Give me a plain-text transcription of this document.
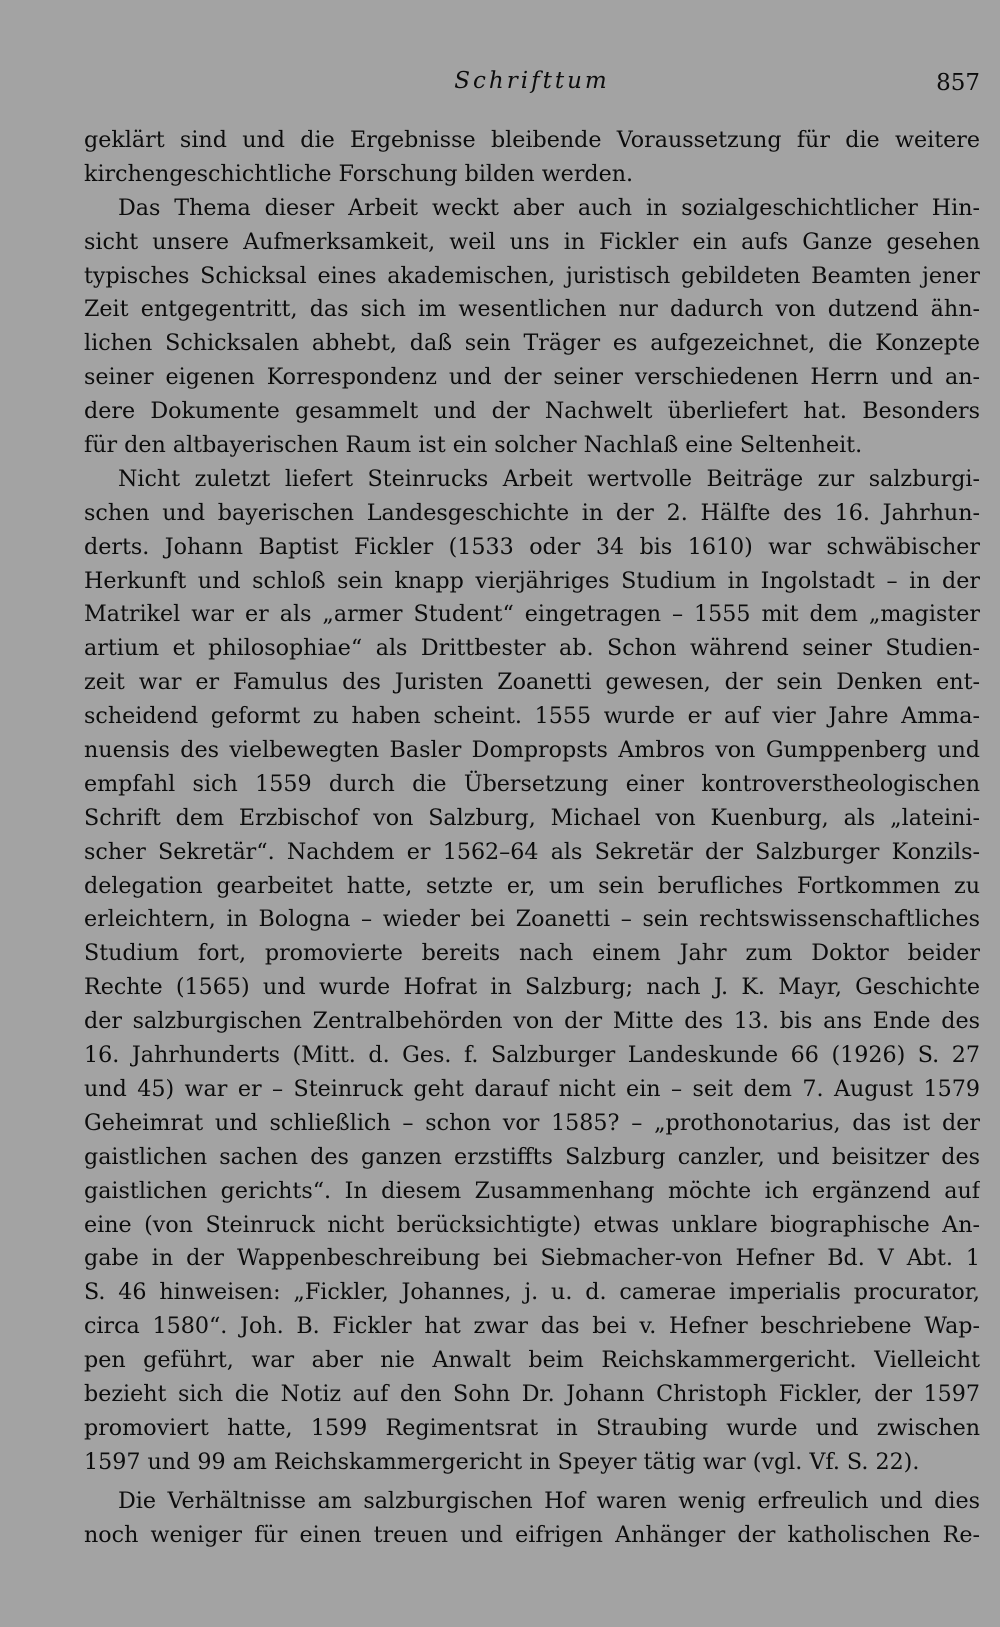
Schrifttum	857
geklärt sind und die Ergebnisse bleibende Voraussetzung für die weitere
kirchengeschichtliche Forschung bilden werden.
Das Thema dieser Arbeit weckt aber auch in sozialgeschichtlicher Hin-
sicht unsere Aufmerksamkeit, weil uns in Fickler ein aufs Ganze gesehen
typisches Schicksal eines akademischen, juristisch gebildeten Beamten jener
Zeit entgegentritt, das sich im wesentlichen nur dadurch von dutzend ähn-
lichen Schicksalen abhebt, daß sein Träger es aufgezeichnet, die Konzepte
seiner eigenen Korrespondenz und der seiner verschiedenen Herrn und an-
dere Dokumente gesammelt und der Nachwelt überliefert hat. Besonders
für den altbayerischen Raum ist ein solcher Nachlaß eine Seltenheit.
Nicht zuletzt liefert Steinrucks Arbeit wertvolle Beiträge zur salzburgi-
schen und bayerischen Landesgeschichte in der 2. Hälfte des 16. Jahrhun-
derts. Johann Baptist Fickler (1533 oder 34 bis 1610) war schwäbischer
Herkunft und schloß sein knapp vierjähriges Studium in Ingolstadt – in der
Matrikel war er als „armer Student“ eingetragen – 1555 mit dem „magister
artium et philosophiae“ als Drittbester ab. Schon während seiner Studien-
zeit war er Famulus des Juristen Zoanetti gewesen, der sein Denken ent-
scheidend geformt zu haben scheint. 1555 wurde er auf vier Jahre Amma-
nuensis des vielbewegten Basler Dompropsts Ambros von Gumppenberg und
empfahl sich 1559 durch die Übersetzung einer kontroverstheologischen
Schrift dem Erzbischof von Salzburg, Michael von Kuenburg, als „lateini-
scher Sekretär“. Nachdem er 1562–64 als Sekretär der Salzburger Konzils-
delegation gearbeitet hatte, setzte er, um sein berufliches Fortkommen zu
erleichtern, in Bologna – wieder bei Zoanetti – sein rechtswissenschaftliches
Studium fort, promovierte bereits nach einem Jahr zum Doktor beider
Rechte (1565) und wurde Hofrat in Salzburg; nach J. K. Mayr, Geschichte
der salzburgischen Zentralbehörden von der Mitte des 13. bis ans Ende des
16. Jahrhunderts (Mitt. d. Ges. f. Salzburger Landeskunde 66 (1926) S. 27
und 45) war er – Steinruck geht darauf nicht ein – seit dem 7. August 1579
Geheimrat und schließlich – schon vor 1585? – „prothonotarius, das ist der
gaistlichen sachen des ganzen erzstiffts Salzburg canzler, und beisitzer des
gaistlichen gerichts“. In diesem Zusammenhang möchte ich ergänzend auf
eine (von Steinruck nicht berücksichtigte) etwas unklare biographische An-
gabe in der Wappenbeschreibung bei Siebmacher-von Hefner Bd. V Abt. 1
S. 46 hinweisen: „Fickler, Johannes, j. u. d. camerae imperialis procurator,
circa 1580“. Joh. B. Fickler hat zwar das bei v. Hefner beschriebene Wap-
pen geführt, war aber nie Anwalt beim Reichskammergericht. Vielleicht
bezieht sich die Notiz auf den Sohn Dr. Johann Christoph Fickler, der 1597
promoviert hatte, 1599 Regimentsrat in Straubing wurde und zwischen
1597 und 99 am Reichskammergericht in Speyer tätig war (vgl. Vf. S. 22).
Die Verhältnisse am salzburgischen Hof waren wenig erfreulich und dies
noch weniger für einen treuen und eifrigen Anhänger der katholischen Re-
